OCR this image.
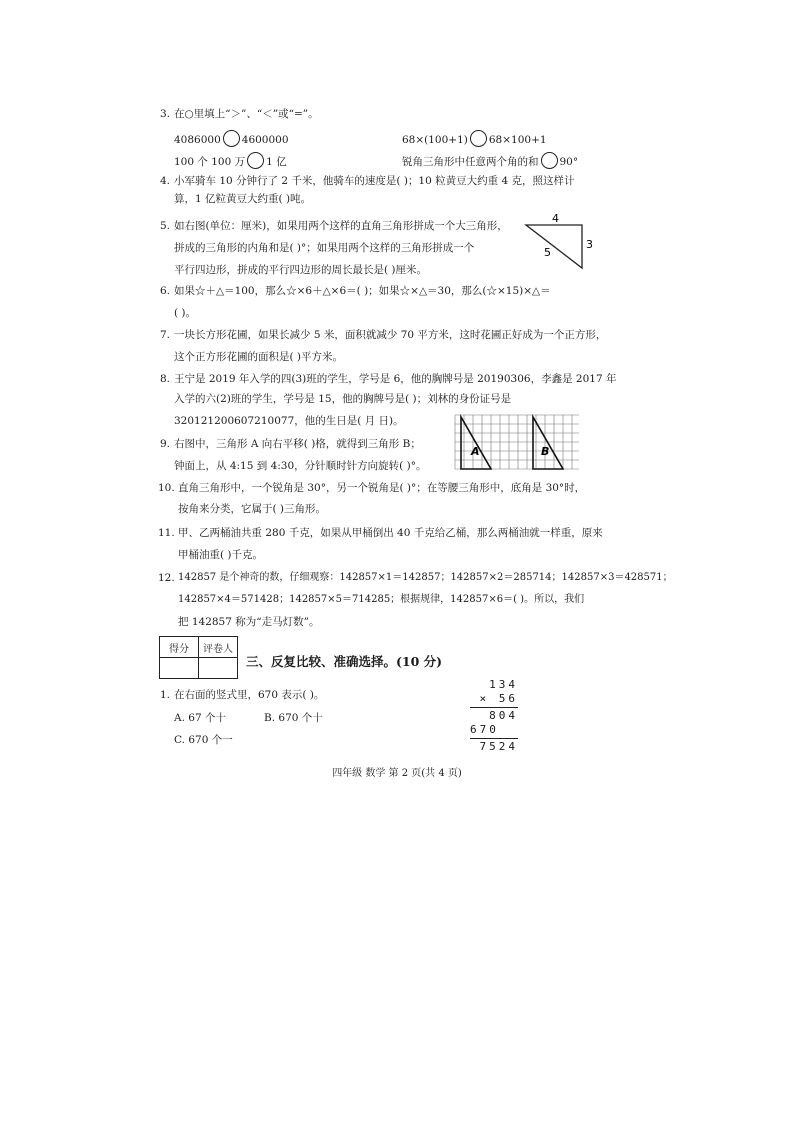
3. 在○里填上“＞”、“＜”或“=”。
4086000 4600000	68×(100+1) 68×100+1
100 个 100 万 1 亿	锐角三角形中任意两个角的和 90°
4. 小军骑车 10 分钟行了 2 千米，他骑车的速度是( )；10 粒黄豆大约重 4 克，照这样计
算，1 亿粒黄豆大约重( )吨。
5. 如右图(单位：厘米)，如果用两个这样的直角三角形拼成一个大三角形，
拼成的三角形的内角和是( )°；如果用两个这样的三角形拼成一个
平行四边形，拼成的平行四边形的周长最长是( )厘米。
4
3
5
6. 如果☆＋△＝100，那么☆×6＋△×6＝( )；如果☆×△＝30，那么(☆×15)×△＝
( )。
7. 一块长方形花圃，如果长减少 5 米，面积就减少 70 平方米，这时花圃正好成为一个正方形，
这个正方形花圃的面积是( )平方米。
8. 王宁是 2019 年入学的四(3)班的学生，学号是 6，他的胸牌号是 20190306，李鑫是 2017 年
入学的六(2)班的学生，学号是 15，他的胸牌号是( )；刘林的身份证号是
320121200607210077，他的生日是( 月 日)。
9. 右图中，三角形 A 向右平移( )格，就得到三角形 B；
钟面上，从 4:15 到 4:30，分针顺时针方向旋转( )°。
A	B
10. 直角三角形中，一个锐角是 30°，另一个锐角是( )°；在等腰三角形中，底角是 30°时，
按角来分类，它属于( )三角形。
11. 甲、乙两桶油共重 280 千克，如果从甲桶倒出 40 千克给乙桶，那么两桶油就一样重，原来
甲桶油重( )千克。
12. 142857 是个神奇的数，仔细观察：142857×1＝142857；142857×2＝285714；142857×3＝428571；
142857×4＝571428；142857×5＝714285；根据规律，142857×6＝( )。所以，我们
把 142857 称为“走马灯数”。
得分	评卷人

三、反复比较、准确选择。(10 分)
1. 在右面的竖式里，670 表示( )。
A. 67 个十	B. 670 个十
C. 670 个一
134
× 56
804
670
7524
四年级 数学 第 2 页(共 4 页)
